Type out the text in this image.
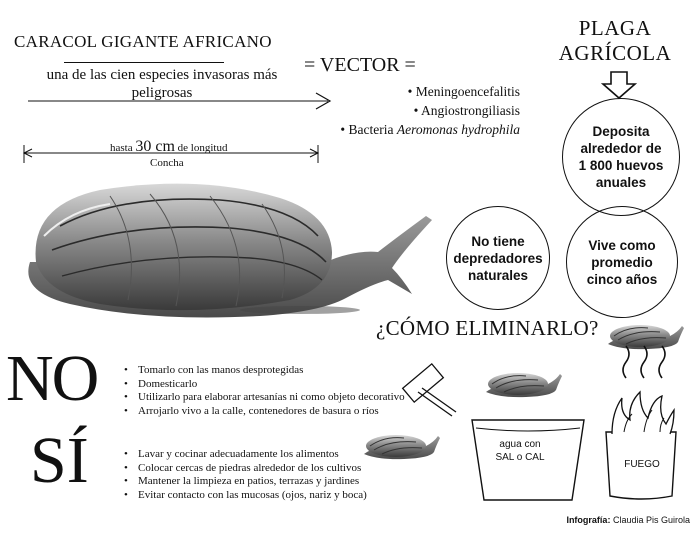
CARACOL GIGANTE AFRICANO
una de las cien especies invasoras más peligrosas
= VECTOR =
• Meningoencefalitis
• Angiostrongiliasis
• Bacteria Aeromonas hydrophila
PLAGA
AGRÍCOLA
Deposita alrededor de 1 800 huevos anuales
No tiene depredadores naturales
Vive como promedio cinco años
hasta 30 cm de longitud
Concha
¿CÓMO ELIMINARLO?
NO	• Tomarlo con las manos desprotegidas
• Domesticarlo
• Utilizarlo para elaborar artesanías ni como objeto decorativo
• Arrojarlo vivo a la calle, contenedores de basura o ríos
SÍ	• Lavar y cocinar adecuadamente los alimentos
• Colocar cercas de piedras alrededor de los cultivos
• Mantener la limpieza en patios, terrazas y jardines
• Evitar contacto con las mucosas (ojos, nariz y boca)
agua con
SAL o CAL
FUEGO
Infografía: Claudia Pis Guirola
